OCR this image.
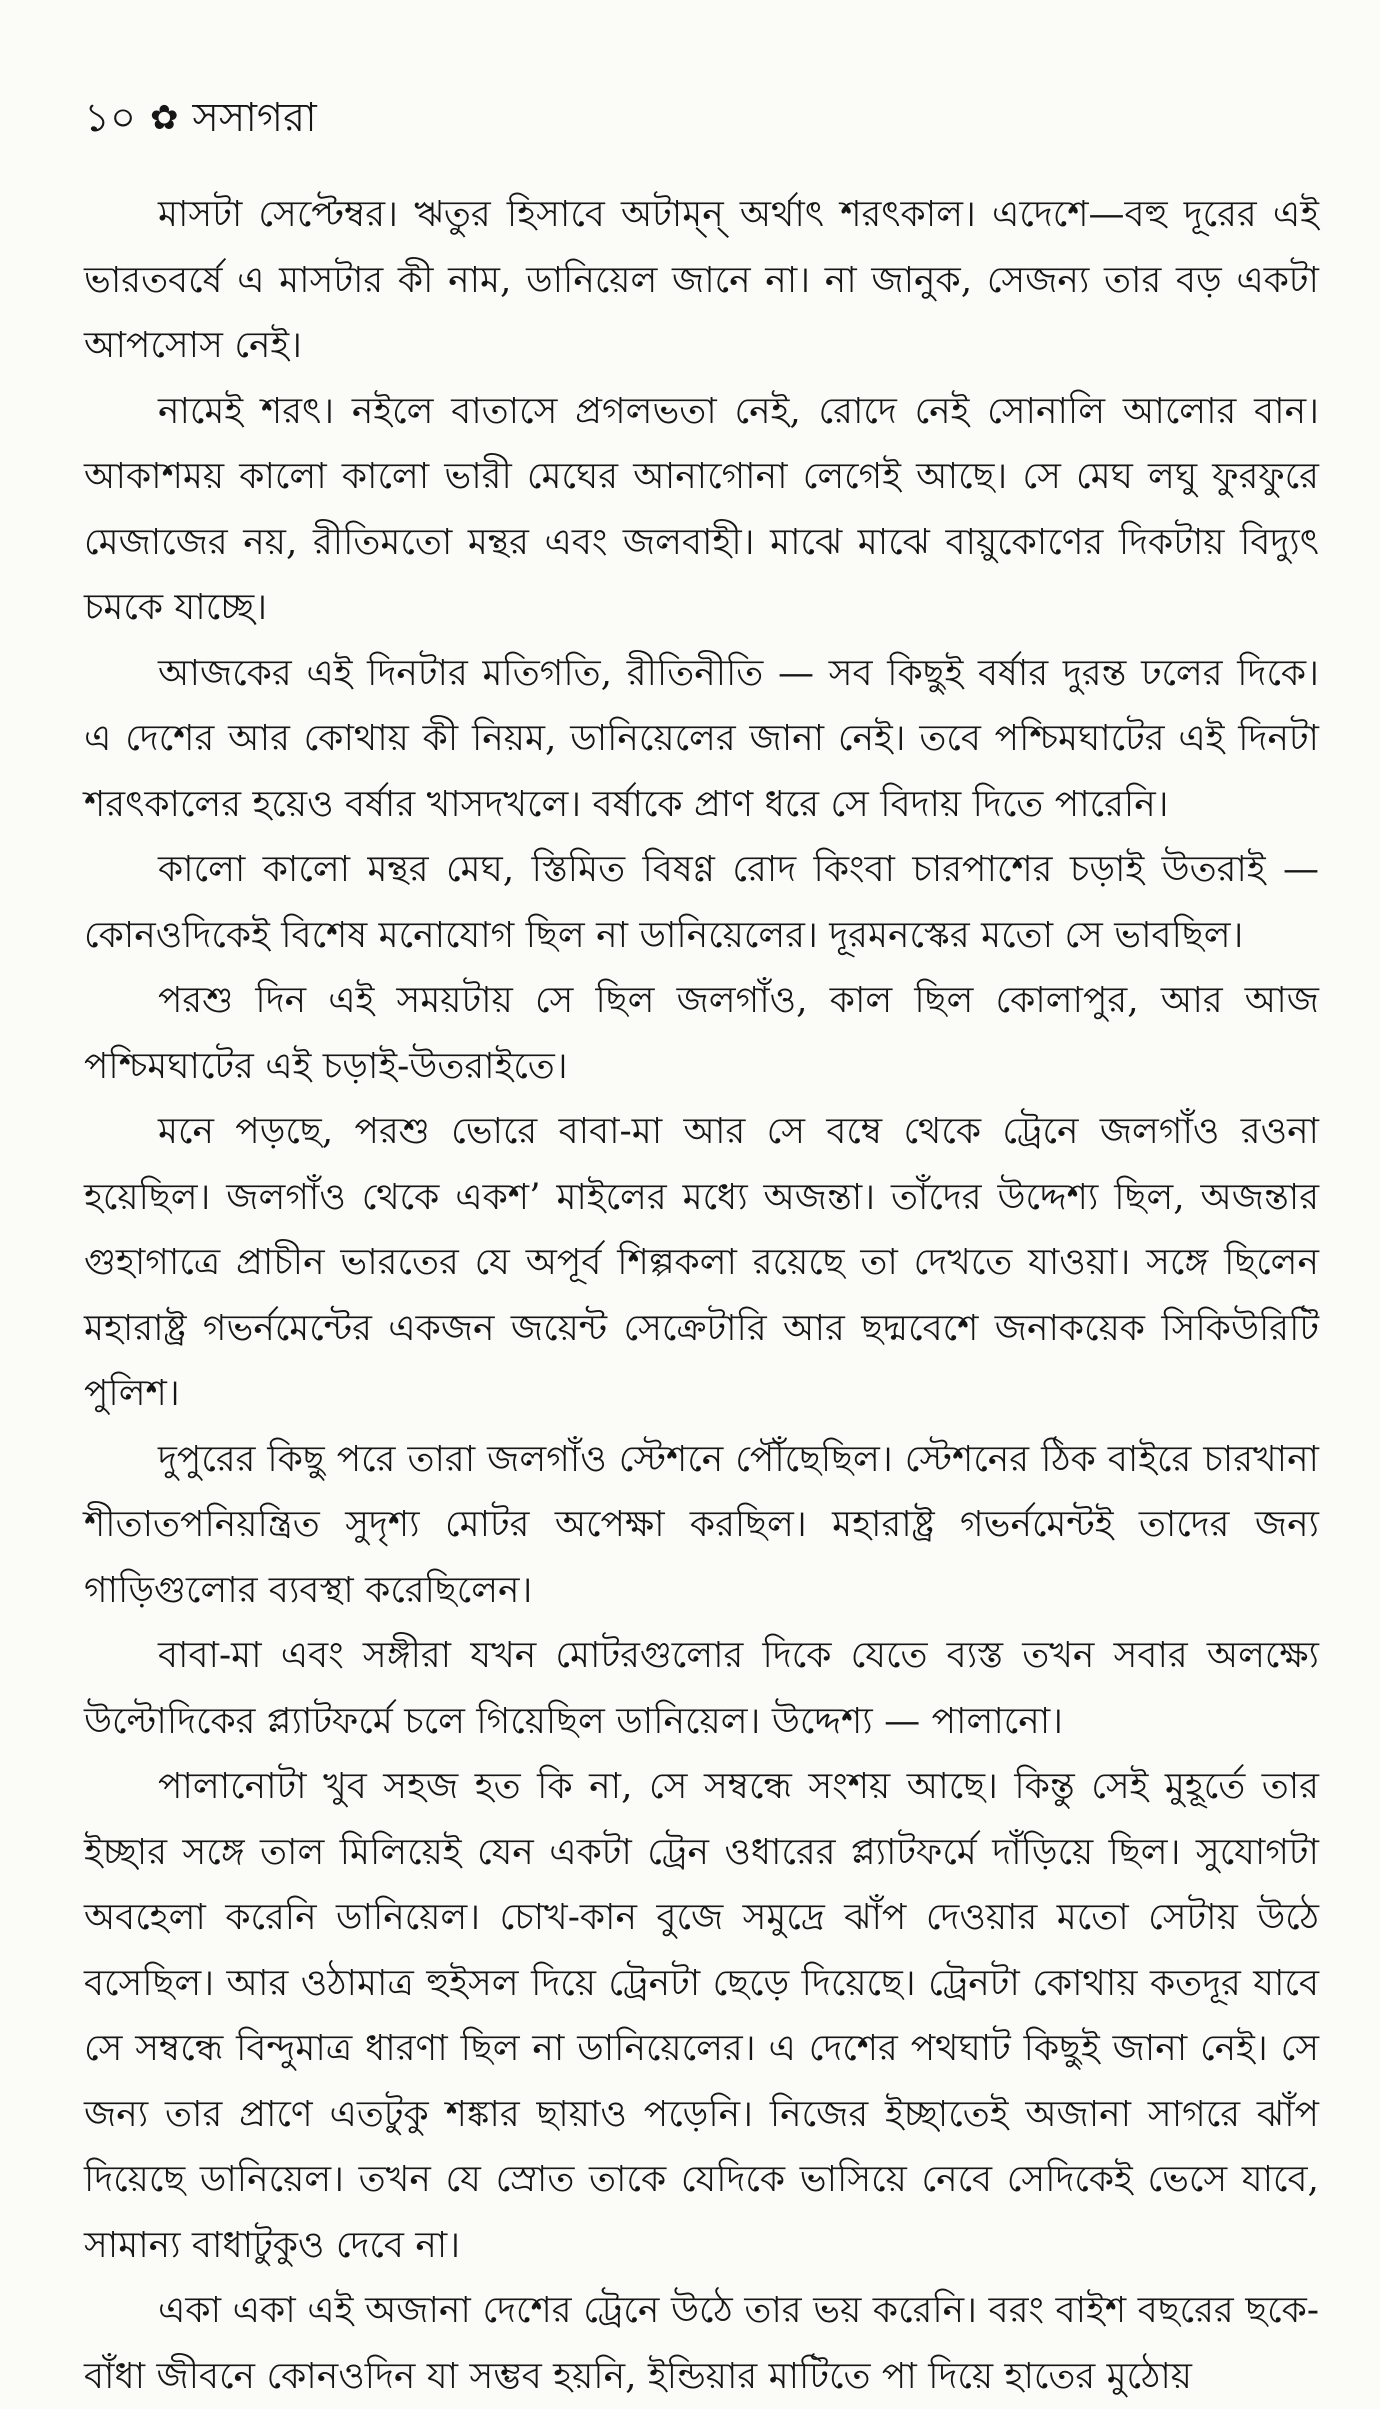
১০ ✿ সসাগরা

মাসটা সেপ্টেম্বর। ঋতুর হিসাবে অটাম্‌ন্ অর্থাৎ শরৎকাল। এদেশে—বহু দূরের এই ভারতবর্ষে এ মাসটার কী নাম, ডানিয়েল জানে না। না জানুক, সেজন্য তার বড় একটা আপসোস নেই।

নামেই শরৎ। নইলে বাতাসে প্রগলভতা নেই, রোদে নেই সোনালি আলোর বান। আকাশময় কালো কালো ভারী মেঘের আনাগোনা লেগেই আছে। সে মেঘ লঘু ফুরফুরে মেজাজের নয়, রীতিমতো মন্থর এবং জলবাহী। মাঝে মাঝে বায়ুকোণের দিকটায় বিদ্যুৎ চমকে যাচ্ছে।

আজকের এই দিনটার মতিগতি, রীতিনীতি — সব কিছুই বর্ষার দুরন্ত ঢলের দিকে। এ দেশের আর কোথায় কী নিয়ম, ডানিয়েলের জানা নেই। তবে পশ্চিমঘাটের এই দিনটা শরৎকালের হয়েও বর্ষার খাসদখলে। বর্ষাকে প্রাণ ধরে সে বিদায় দিতে পারেনি।

কালো কালো মন্থর মেঘ, স্তিমিত বিষণ্ণ রোদ কিংবা চারপাশের চড়াই উতরাই — কোনওদিকেই বিশেষ মনোযোগ ছিল না ডানিয়েলের। দূরমনস্কের মতো সে ভাবছিল।

পরশু দিন এই সময়টায় সে ছিল জলগাঁও, কাল ছিল কোলাপুর, আর আজ পশ্চিমঘাটের এই চড়াই-উতরাইতে।

মনে পড়ছে, পরশু ভোরে বাবা-মা আর সে বম্বে থেকে ট্রেনে জলগাঁও রওনা হয়েছিল। জলগাঁও থেকে একশ’ মাইলের মধ্যে অজন্তা। তাঁদের উদ্দেশ্য ছিল, অজন্তার গুহাগাত্রে প্রাচীন ভারতের যে অপূর্ব শিল্পকলা রয়েছে তা দেখতে যাওয়া। সঙ্গে ছিলেন মহারাষ্ট্র গভর্নমেন্টের একজন জয়েন্ট সেক্রেটারি আর ছদ্মবেশে জনাকয়েক সিকিউরিটি পুলিশ।

দুপুরের কিছু পরে তারা জলগাঁও স্টেশনে পৌঁছেছিল। স্টেশনের ঠিক বাইরে চারখানা শীতাতপনিয়ন্ত্রিত সুদৃশ্য মোটর অপেক্ষা করছিল। মহারাষ্ট্র গভর্নমেন্টই তাদের জন্য গাড়িগুলোর ব্যবস্থা করেছিলেন।

বাবা-মা এবং সঙ্গীরা যখন মোটরগুলোর দিকে যেতে ব্যস্ত তখন সবার অলক্ষ্যে উল্টোদিকের প্ল্যাটফর্মে চলে গিয়েছিল ডানিয়েল। উদ্দেশ্য — পালানো।

পালানোটা খুব সহজ হত কি না, সে সম্বন্ধে সংশয় আছে। কিন্তু সেই মুহূর্তে তার ইচ্ছার সঙ্গে তাল মিলিয়েই যেন একটা ট্রেন ওধারের প্ল্যাটফর্মে দাঁড়িয়ে ছিল। সুযোগটা অবহেলা করেনি ডানিয়েল। চোখ-কান বুজে সমুদ্রে ঝাঁপ দেওয়ার মতো সেটায় উঠে বসেছিল। আর ওঠামাত্র হুইসল দিয়ে ট্রেনটা ছেড়ে দিয়েছে। ট্রেনটা কোথায় কতদূর যাবে সে সম্বন্ধে বিন্দুমাত্র ধারণা ছিল না ডানিয়েলের। এ দেশের পথঘাট কিছুই জানা নেই। সে জন্য তার প্রাণে এতটুকু শঙ্কার ছায়াও পড়েনি। নিজের ইচ্ছাতেই অজানা সাগরে ঝাঁপ দিয়েছে ডানিয়েল। তখন যে স্রোত তাকে যেদিকে ভাসিয়ে নেবে সেদিকেই ভেসে যাবে, সামান্য বাধাটুকুও দেবে না।

একা একা এই অজানা দেশের ট্রেনে উঠে তার ভয় করেনি। বরং বাইশ বছরের ছকে-বাঁধা জীবনে কোনওদিন যা সম্ভব হয়নি, ইন্ডিয়ার মাটিতে পা দিয়ে হাতের মুঠোয়
